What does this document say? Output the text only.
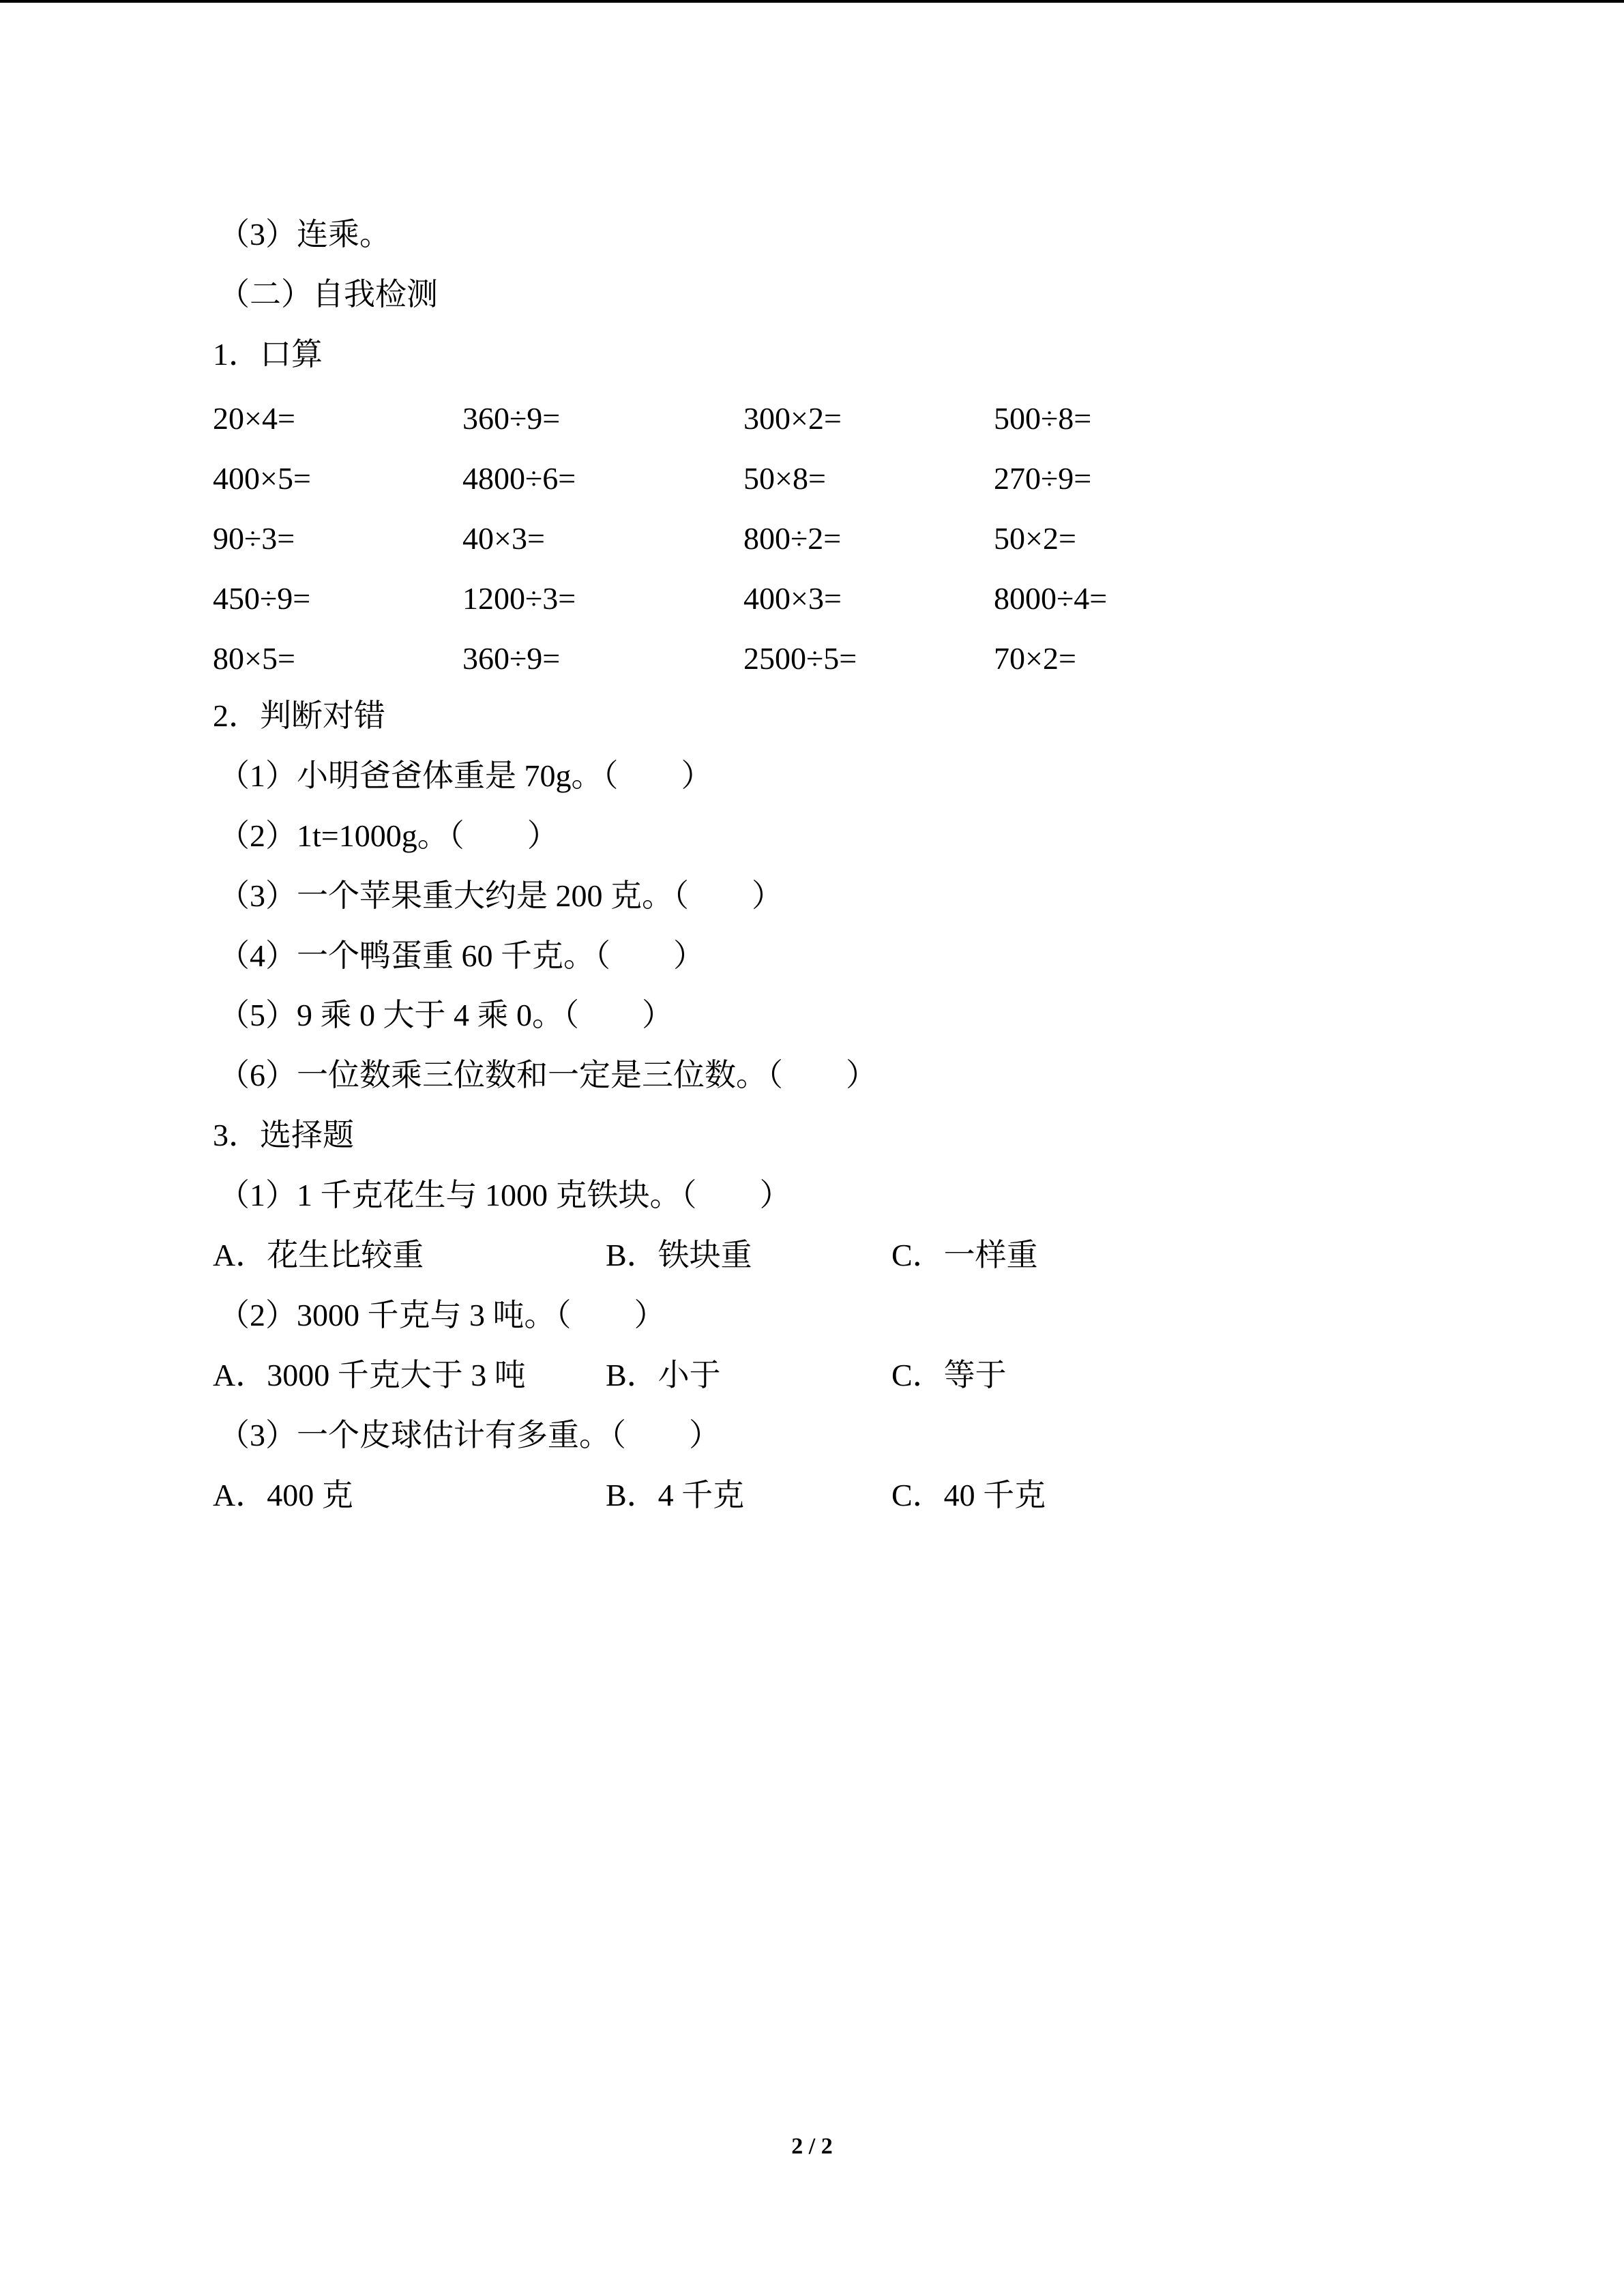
（3）连乘。
（二）自我检测
1．口算
20×4=	360÷9=	300×2=	500÷8=
400×5=	4800÷6=	50×8=	270÷9=
90÷3=	40×3=	800÷2=	50×2=
450÷9=	1200÷3=	400×3=	8000÷4=
80×5=	360÷9=	2500÷5=	70×2=
2．判断对错
（1）小明爸爸体重是 70g。（　　）
（2）1t=1000g。（　　）
（3）一个苹果重大约是 200 克。（　　）
（4）一个鸭蛋重 60 千克。（　　）
（5）9 乘 0 大于 4 乘 0。（　　）
（6）一位数乘三位数和一定是三位数。（　　）
3．选择题
（1）1 千克花生与 1000 克铁块。（　　）
A．花生比较重	B．铁块重	C．一样重
（2）3000 千克与 3 吨。（　　）
A．3000 千克大于 3 吨	B．小于	C．等于
（3）一个皮球估计有多重。（　　）
A．400 克	B．4 千克	C．40 千克
2 / 2
